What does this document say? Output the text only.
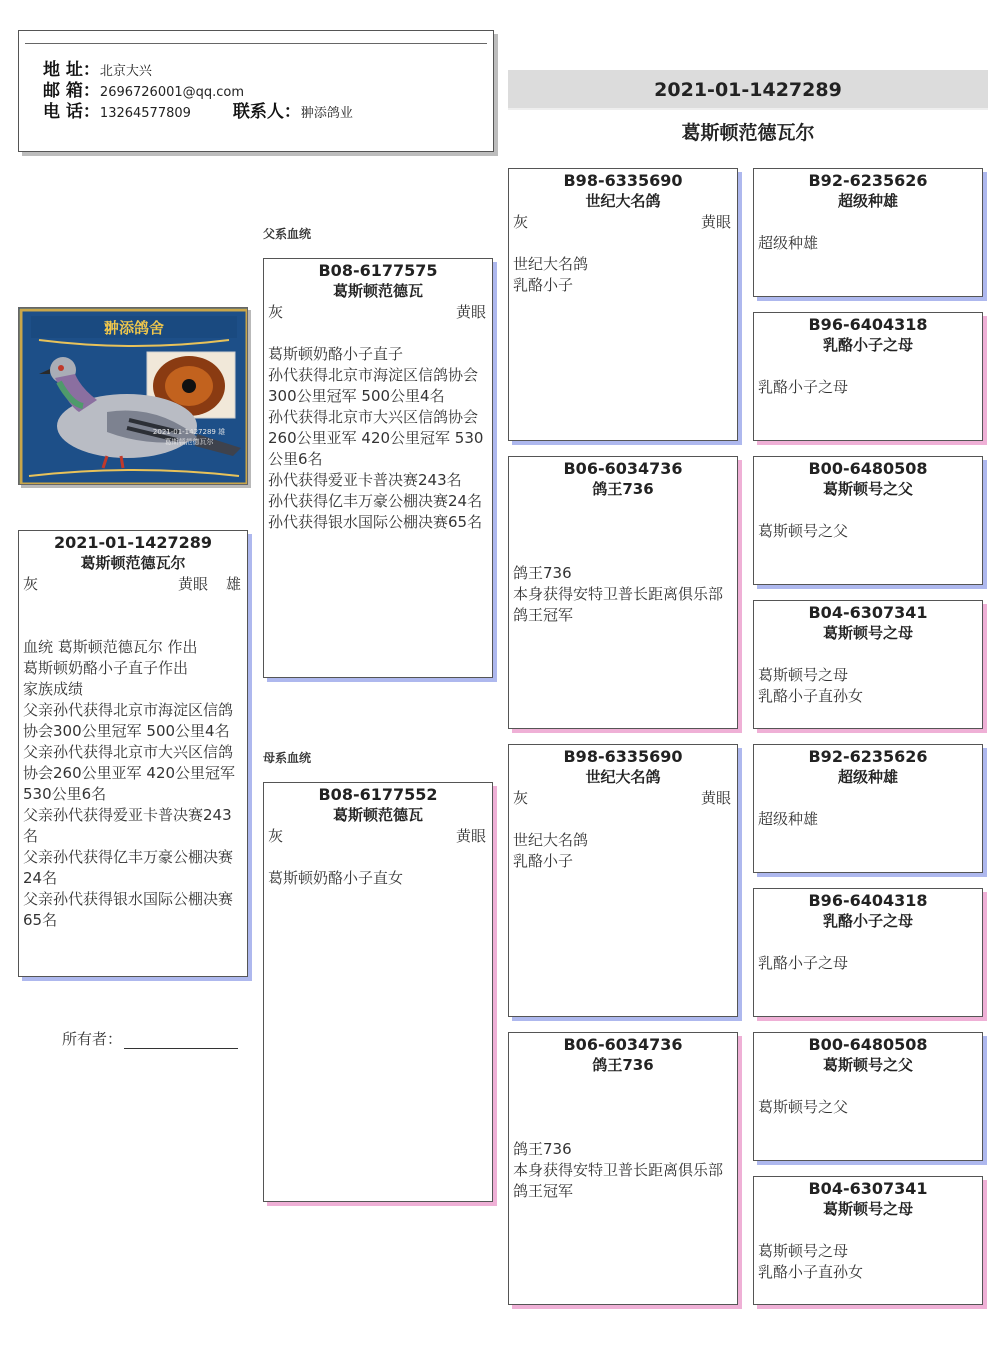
地 址：北京大兴
邮 箱：2696726001@qq.com
电 话：13264577809 联系人：翀添鸽业
2021-01-1427289
葛斯顿范德瓦尔
翀添鸽舍
2021-01-1427289 雄
葛斯顿范德瓦尔
2021-01-1427289
葛斯顿范德瓦尔
灰	黄眼 雄
血统 葛斯顿范德瓦尔 作出
葛斯顿奶酪小子直子作出
家族成绩
父亲孙代获得北京市海淀区信鸽协会300公里冠军 500公里4名
父亲孙代获得北京市大兴区信鸽协会260公里亚军 420公里冠军 530公里6名
父亲孙代获得爱亚卡普决赛243名
父亲孙代获得亿丰万豪公棚决赛24名
父亲孙代获得银水国际公棚决赛65名
所有者：
父系血统
母系血统
B08-6177575
葛斯顿范德瓦
灰	黄眼
葛斯顿奶酪小子直子
孙代获得北京市海淀区信鸽协会300公里冠军 500公里4名
孙代获得北京市大兴区信鸽协会260公里亚军 420公里冠军 530公里6名
孙代获得爱亚卡普决赛243名
孙代获得亿丰万豪公棚决赛24名
孙代获得银水国际公棚决赛65名
B08-6177552
葛斯顿范德瓦
灰	黄眼
葛斯顿奶酪小子直女
B98-6335690
世纪大名鸽
灰	黄眼
世纪大名鸽
乳酪小子
B06-6034736
鸽王736
鸽王736
本身获得安特卫普长距离俱乐部鸽王冠军
B98-6335690
世纪大名鸽
灰	黄眼
世纪大名鸽
乳酪小子
B06-6034736
鸽王736
鸽王736
本身获得安特卫普长距离俱乐部鸽王冠军
B92-6235626
超级种雄
超级种雄
B96-6404318
乳酪小子之母
乳酪小子之母
B00-6480508
葛斯顿号之父
葛斯顿号之父
B04-6307341
葛斯顿号之母
葛斯顿号之母
乳酪小子直孙女
B92-6235626
超级种雄
超级种雄
B96-6404318
乳酪小子之母
乳酪小子之母
B00-6480508
葛斯顿号之父
葛斯顿号之父
B04-6307341
葛斯顿号之母
葛斯顿号之母
乳酪小子直孙女
